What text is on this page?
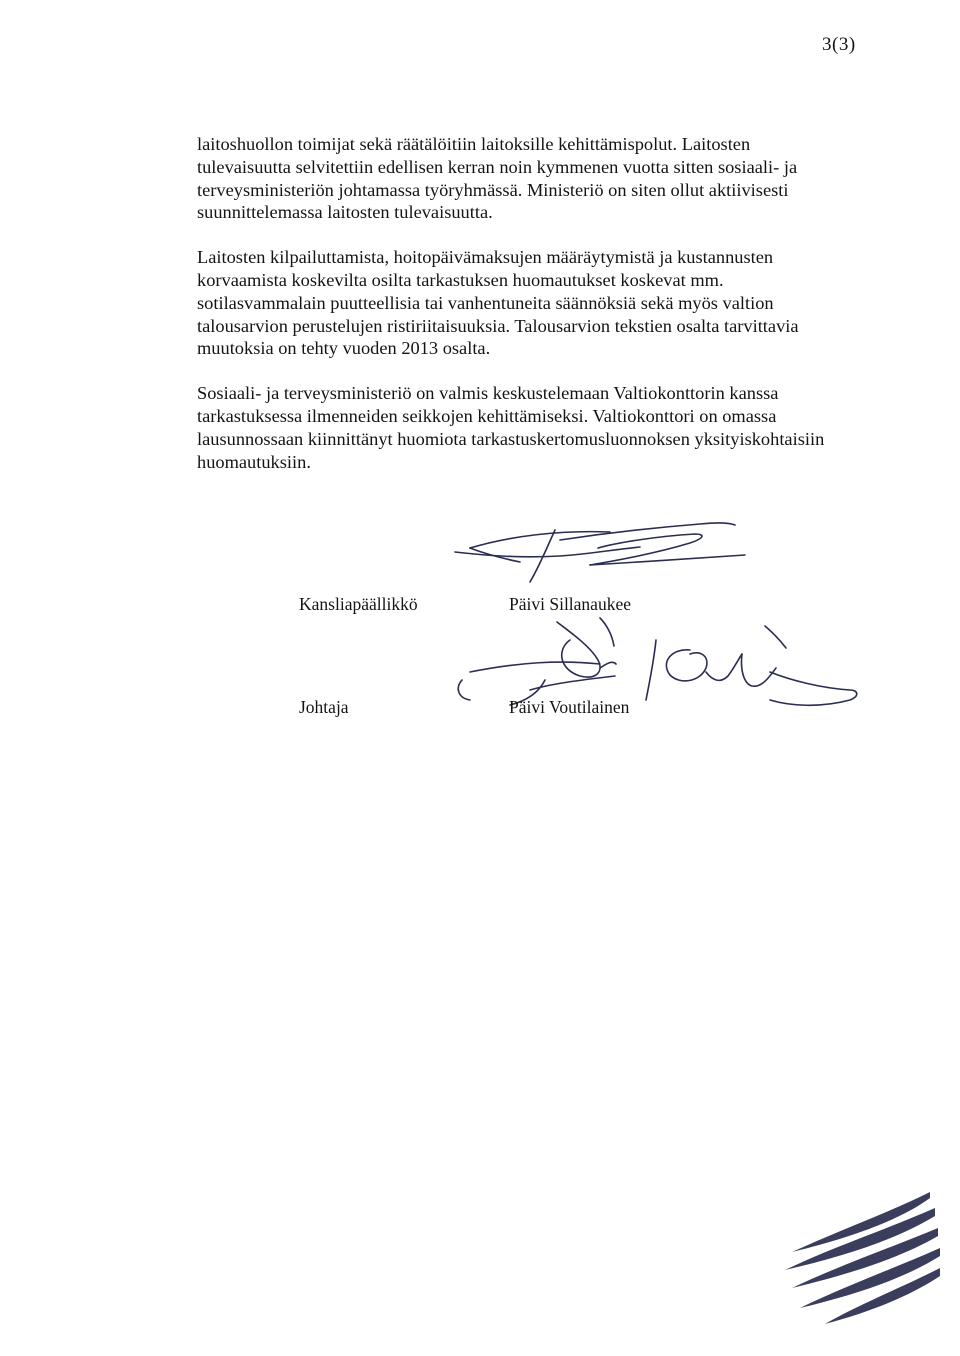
3(3)

laitoshuollon toimijat sekä räätälöitiin laitoksille kehittämispolut. Laitosten
tulevaisuutta selvitettiin edellisen kerran noin kymmenen vuotta sitten sosiaali- ja
terveysministeriön johtamassa työryhmässä. Ministeriö on siten ollut aktiivisesti
suunnittelemassa laitosten tulevaisuutta.

Laitosten kilpailuttamista, hoitopäivämaksujen määräytymistä ja kustannusten
korvaamista koskevilta osilta tarkastuksen huomautukset koskevat mm.
sotilasvammalain puutteellisia tai vanhentuneita säännöksiä sekä myös valtion
talousarvion perustelujen ristiriitaisuuksia. Talousarvion tekstien osalta tarvittavia
muutoksia on tehty vuoden 2013 osalta.

Sosiaali- ja terveysministeriö on valmis keskustelemaan Valtiokonttorin kanssa
tarkastuksessa ilmenneiden seikkojen kehittämiseksi. Valtiokonttori on omassa
lausunnossaan kiinnittänyt huomiota tarkastuskertomusluonnoksen yksityiskohtaisiin
huomautuksiin.

Kansliapäällikkö	Päivi Sillanaukee
Johtaja	Päivi Voutilainen
